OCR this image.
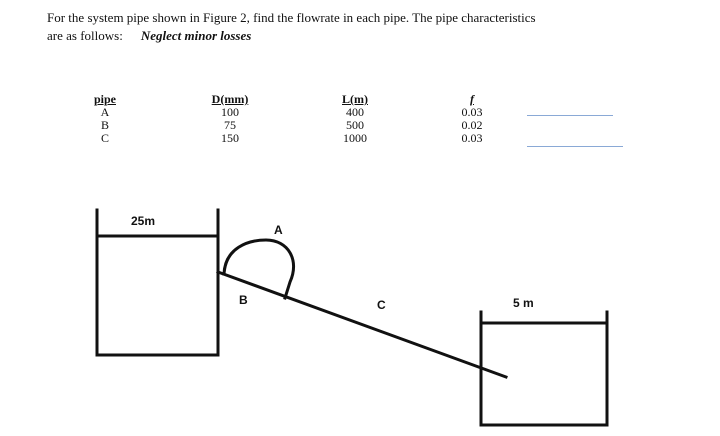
For the system pipe shown in Figure 2, find the flowrate in each pipe. The pipe characteristics
are as follows: Neglect minor losses
pipe
A
B
C
D(mm)
100
75
150
L(m)
400
500
1000
f
0.03
0.02
0.03
25m
A
B	C	5 m
